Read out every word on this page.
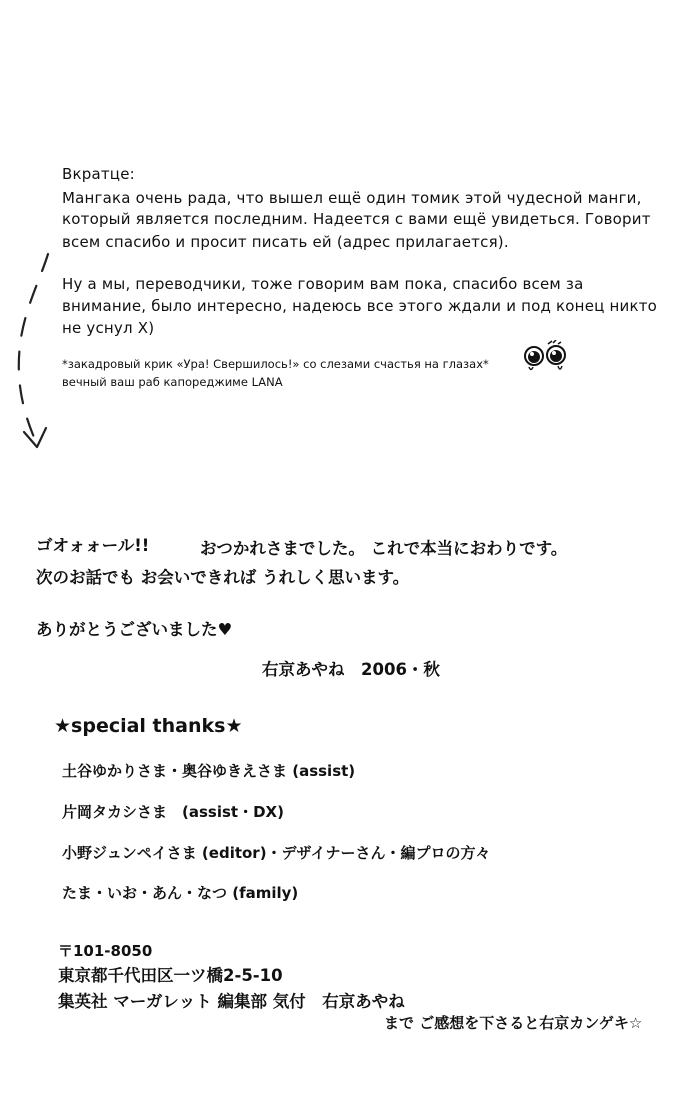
Вкратце:
Мангака очень рада, что вышел ещё один томик этой чудесной манги,
который является последним. Надеется с вами ещё увидеться. Говорит
всем спасибо и просит писать ей (адрес прилагается).
Ну а мы, переводчики, тоже говорим вам пока, спасибо всем за
внимание, было интересно, надеюсь все этого ждали и под конец никто
не уснул X)
*закадровый крик «Ура! Свершилось!» со слезами счастья на глазах*
вечный ваш раб капореджиме LANA
ゴオォォール!!	おつかれさまでした。 これで本当におわりです。
次のお話でも お会いできれば うれしく思います。
ありがとうございました♥
右京あやね　2006・秋
★special thanks★
土谷ゆかりさま・奥谷ゆきえさま (assist)
片岡タカシさま　(assist・DX)
小野ジュンペイさま (editor)・デザイナーさん・編プロの方々
たま・いお・あん・なつ (family)
〒101-8050
東京都千代田区一ツ橋2-5-10
集英社 マーガレット 編集部 気付　右京あやね
まで ご感想を下さると右京カンゲキ☆
